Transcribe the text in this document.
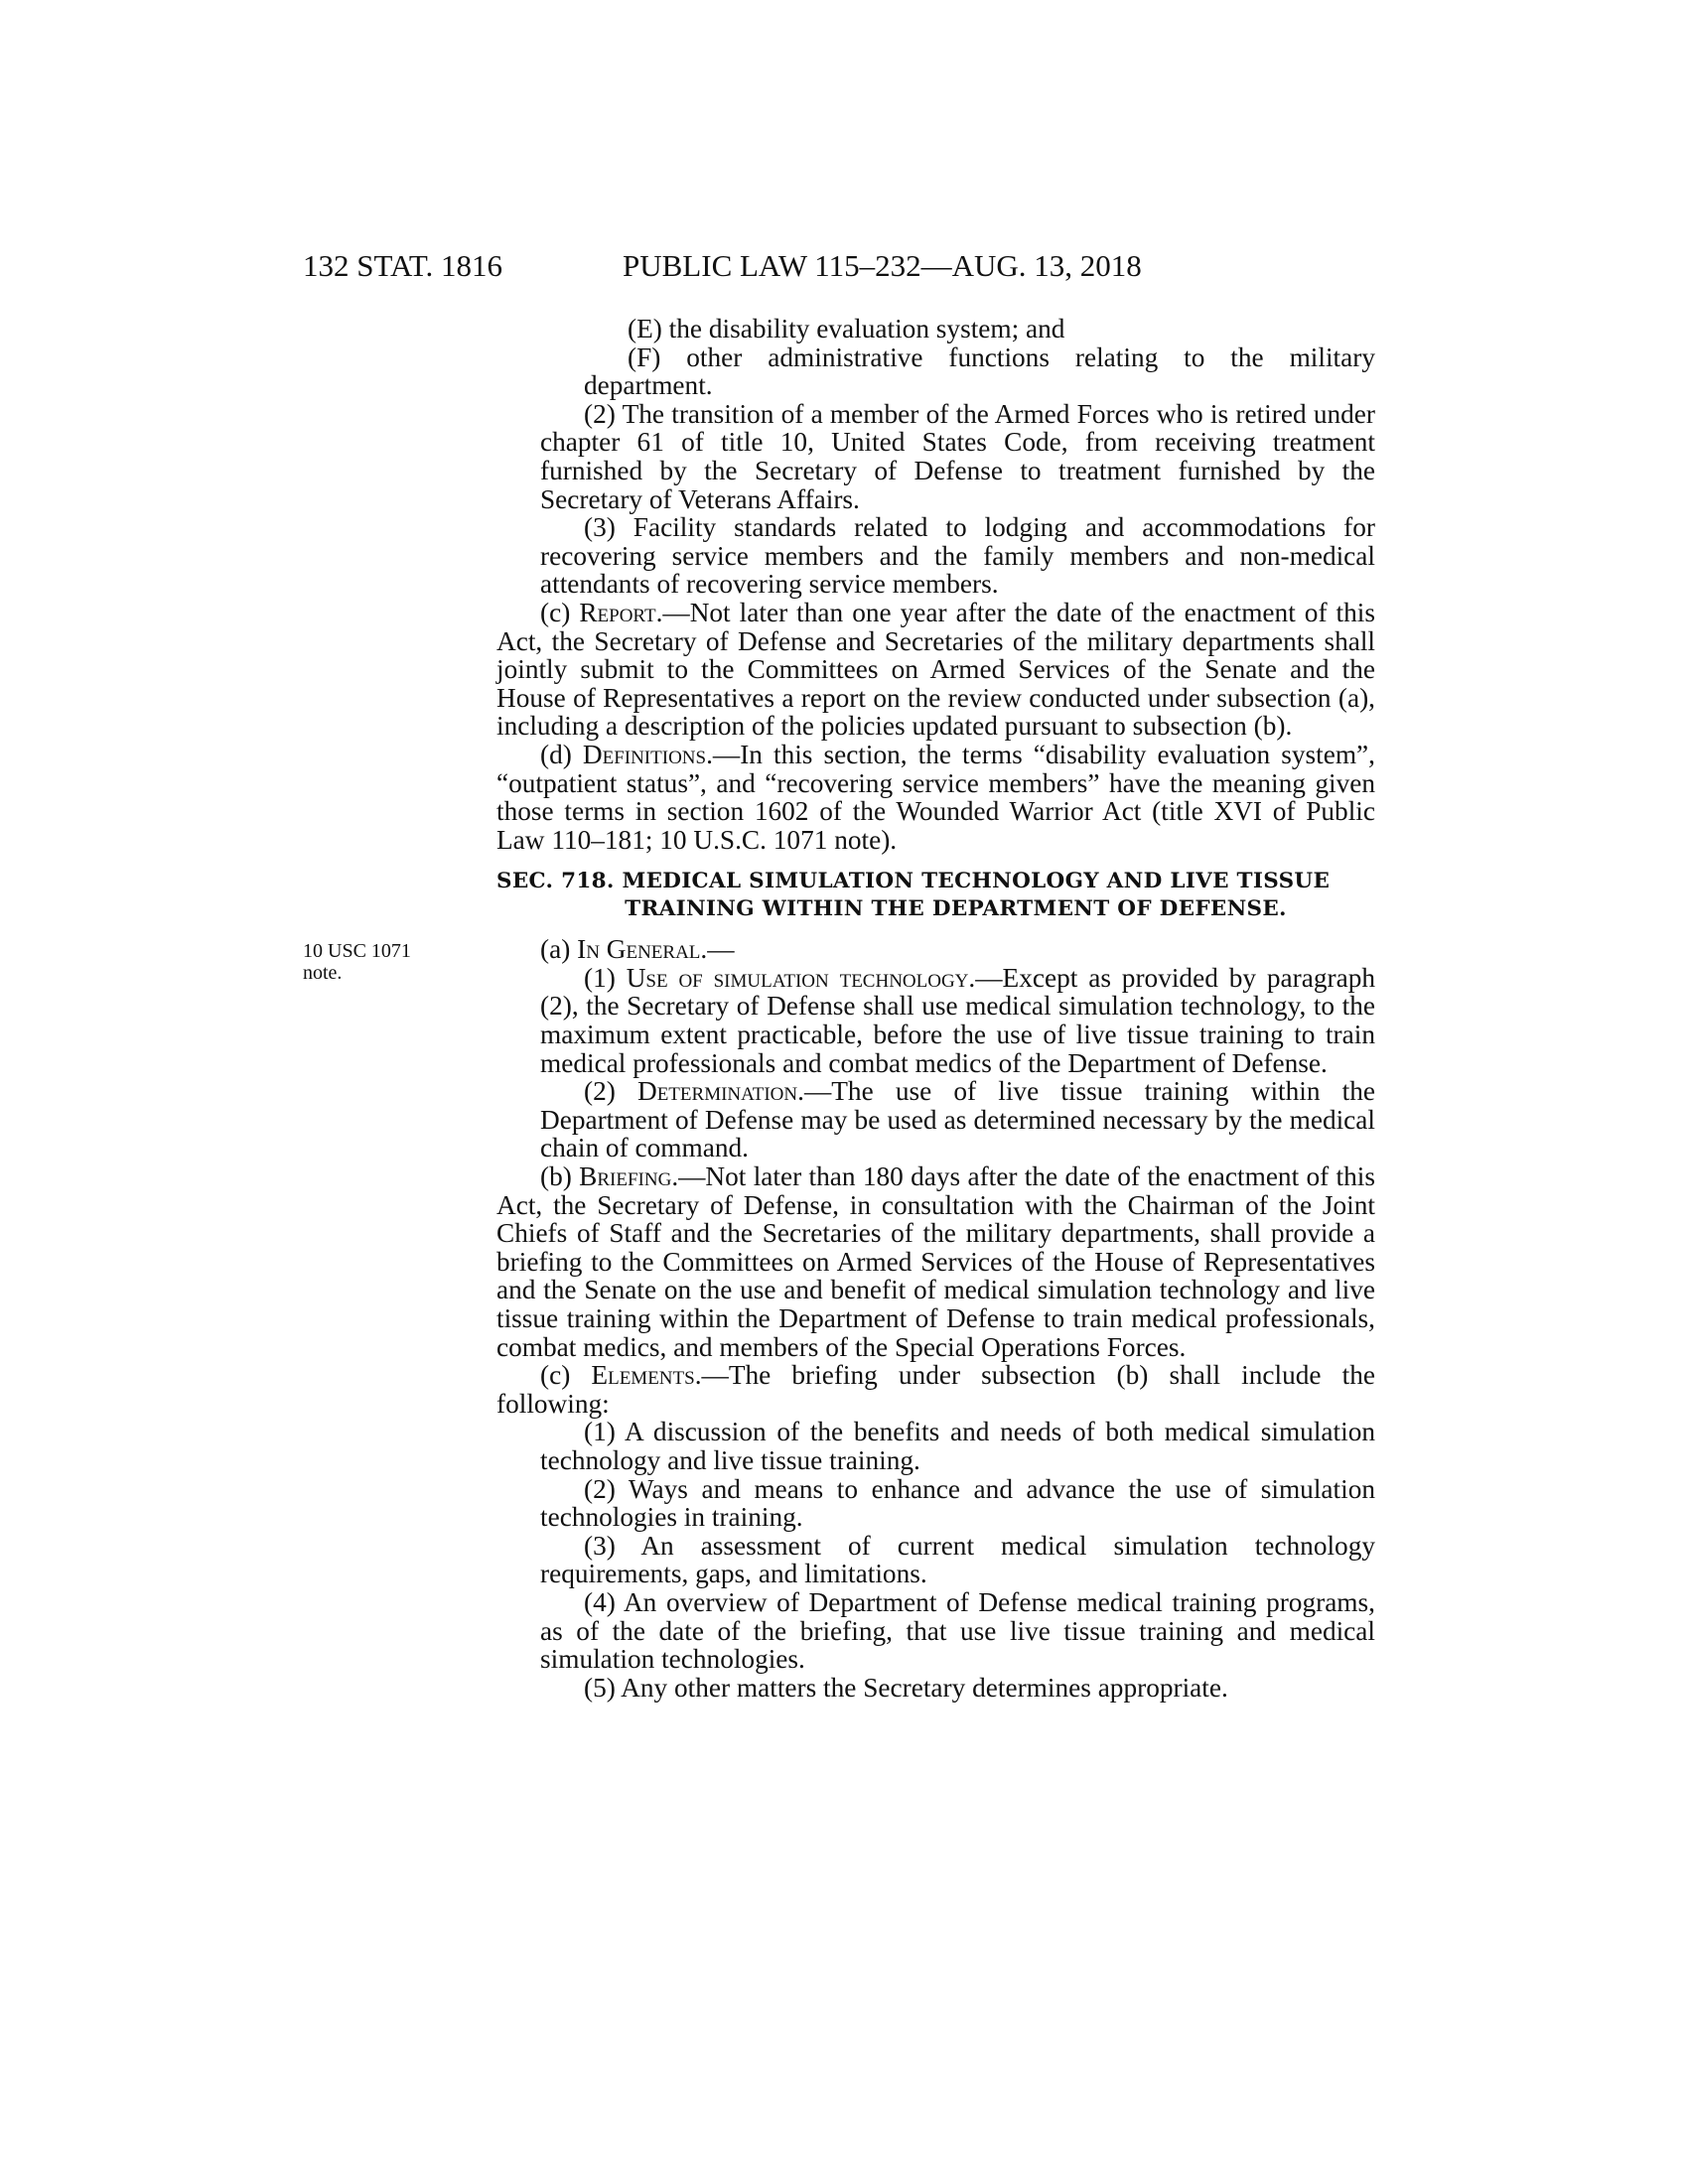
132 STAT. 1816	PUBLIC LAW 115–232—AUG. 13, 2018
10 USC 1071
note.

(E) the disability evaluation system; and

(F) other administrative functions relating to the military department.

(2) The transition of a member of the Armed Forces who is retired under chapter 61 of title 10, United States Code, from receiving treatment furnished by the Secretary of Defense to treatment furnished by the Secretary of Veterans Affairs.

(3) Facility standards related to lodging and accommodations for recovering service members and the family members and non-medical attendants of recovering service members.

(c) Report.—Not later than one year after the date of the enactment of this Act, the Secretary of Defense and Secretaries of the military departments shall jointly submit to the Committees on Armed Services of the Senate and the House of Representatives a report on the review conducted under subsection (a), including a description of the policies updated pursuant to subsection (b).

(d) Definitions.—In this section, the terms “disability evaluation system”, “outpatient status”, and “recovering service members” have the meaning given those terms in section 1602 of the Wounded Warrior Act (title XVI of Public Law 110–181; 10 U.S.C. 1071 note).

SEC. 718. MEDICAL SIMULATION TECHNOLOGY AND LIVE TISSUE
TRAINING WITHIN THE DEPARTMENT OF DEFENSE.

(a) In General.—

(1) Use of simulation technology.—Except as provided by paragraph (2), the Secretary of Defense shall use medical simulation technology, to the maximum extent practicable, before the use of live tissue training to train medical professionals and combat medics of the Department of Defense.

(2) Determination.—The use of live tissue training within the Department of Defense may be used as determined necessary by the medical chain of command.

(b) Briefing.—Not later than 180 days after the date of the enactment of this Act, the Secretary of Defense, in consultation with the Chairman of the Joint Chiefs of Staff and the Secretaries of the military departments, shall provide a briefing to the Committees on Armed Services of the House of Representatives and the Senate on the use and benefit of medical simulation technology and live tissue training within the Department of Defense to train medical professionals, combat medics, and members of the Special Operations Forces.

(c) Elements.—The briefing under subsection (b) shall include the following:

(1) A discussion of the benefits and needs of both medical simulation technology and live tissue training.

(2) Ways and means to enhance and advance the use of simulation technologies in training.

(3) An assessment of current medical simulation technology requirements, gaps, and limitations.

(4) An overview of Department of Defense medical training programs, as of the date of the briefing, that use live tissue training and medical simulation technologies.

(5) Any other matters the Secretary determines appropriate.
